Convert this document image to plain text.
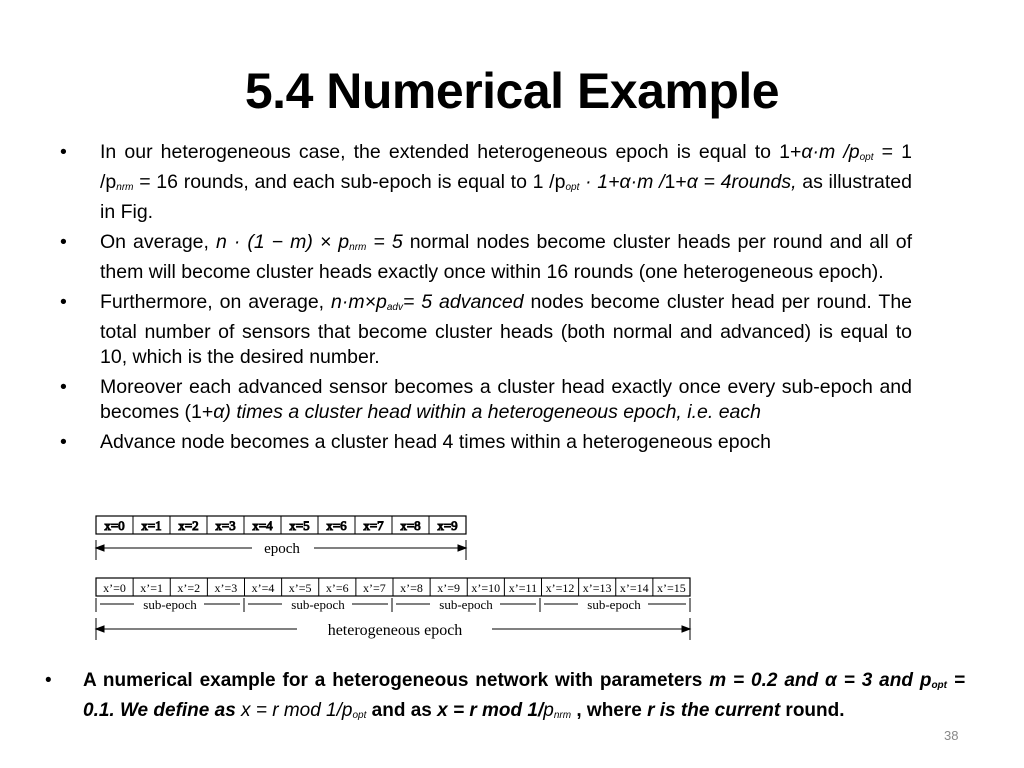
5.4 Numerical Example
• In our heterogeneous case, the extended heterogeneous epoch is equal to 1+α·m $/p_{opt} = 1$ $/p_{nrm} = 16$ rounds, and each sub-epoch is equal to 1 $/p_{opt} \cdot 1+\alpha\cdot m$ /1+α = 4rounds, as illustrated in Fig.
• On average, $n \cdot (1 - m) \times p_{nrm} = 5$ normal nodes become cluster heads per round and all of them will become cluster heads exactly once within 16 rounds (one heterogeneous epoch).
• Furthermore, on average, $n\cdot m\times p_{adv}= 5$ advanced nodes become cluster head per round. The total number of sensors that become cluster heads (both normal and advanced) is equal to 10, which is the desired number.
• Moreover each advanced sensor becomes a cluster head exactly once every sub-epoch and becomes (1+α) times a cluster head within a heterogeneous epoch, i.e. each
• Advance node becomes a cluster head 4 times within a heterogeneous epoch
x=0 x=1 x=2 x=3 x=4 x=5 x=6 x=7 x=8 x=9
epoch
x’=0 x’=1 x’=2 x’=3 x’=4 x’=5 x’=6 x’=7 x’=8 x’=9 x’=10 x’=11 x’=12 x’=13 x’=14 x’=15
sub-epoch	sub-epoch	sub-epoch	sub-epoch
heterogeneous epoch
• A numerical example for a heterogeneous network with parameters m = 0.2 and α = 3 and $p_{opt} = 0.1$. We define as x = r mod $1/p_{opt}$ and as x = r mod $1/p_{nrm}$ , where r is the current round.
38
